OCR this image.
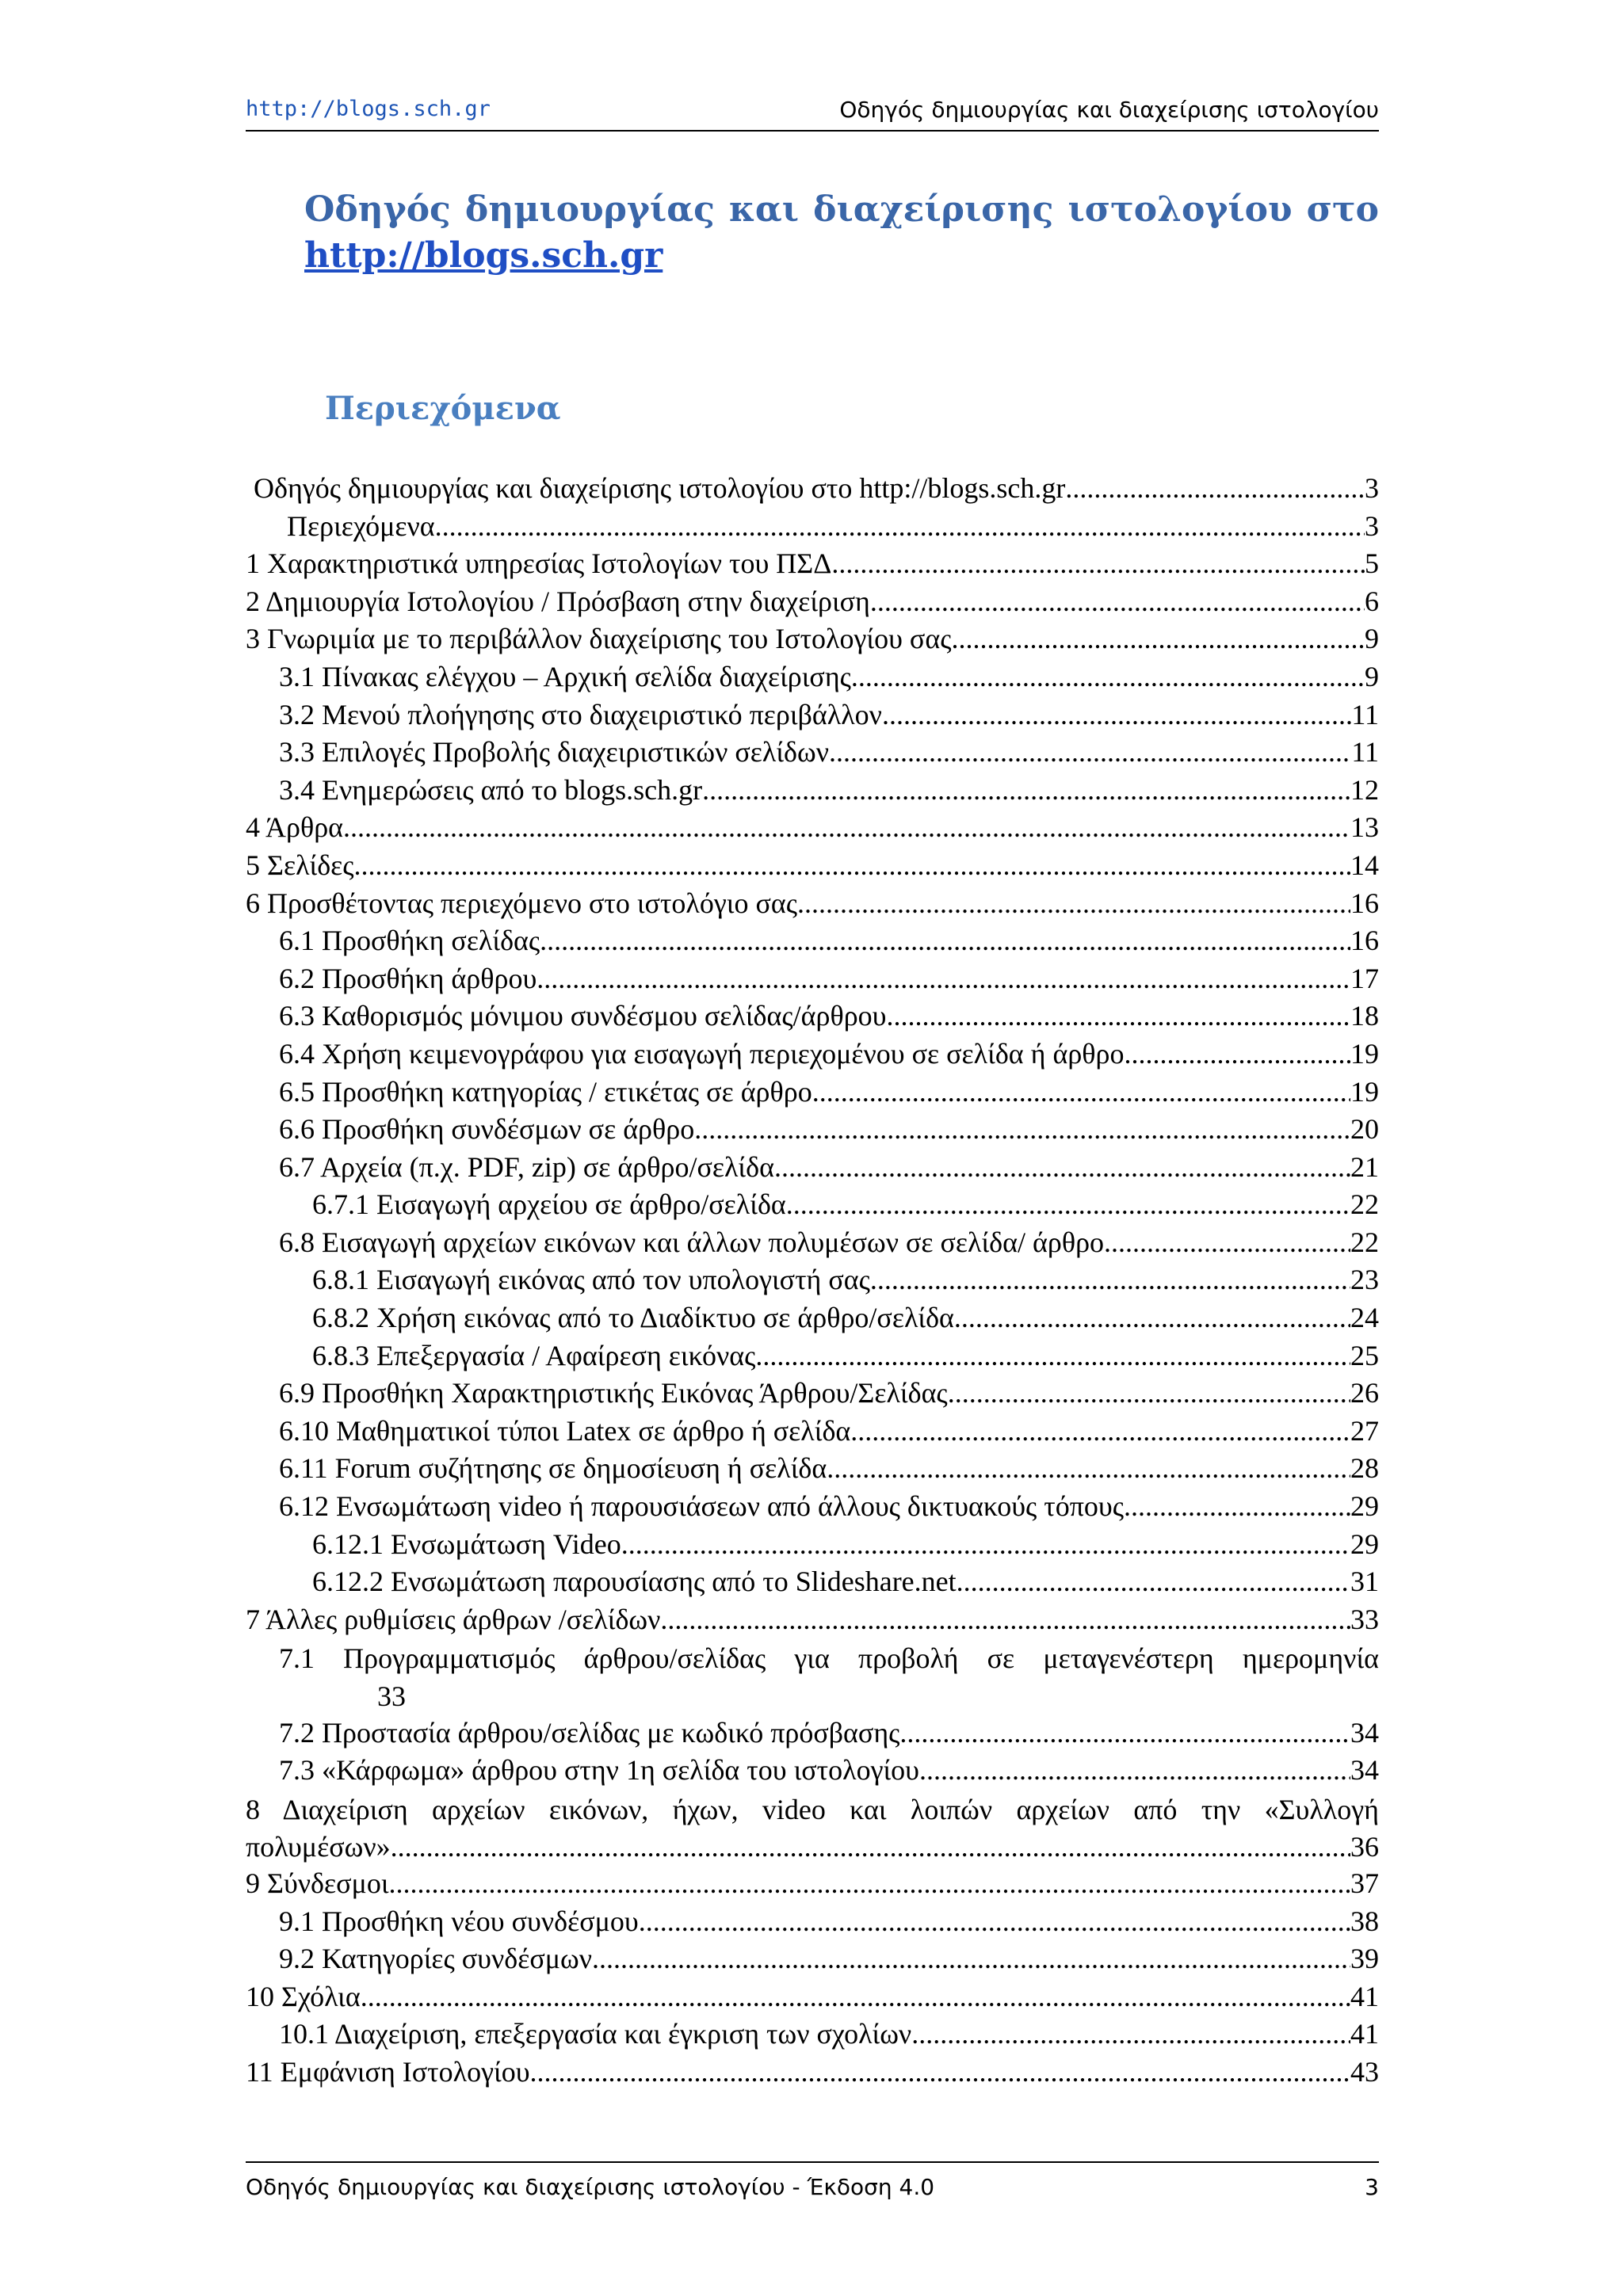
http://blogs.sch.gr	Οδηγός δημιουργίας και διαχείρισης ιστολογίου
Οδηγός δημιουργίας και διαχείρισης ιστολογίου στο
http://blogs.sch.gr
Περιεχόμενα
Οδηγός δημιουργίας και διαχείρισης ιστολογίου στο http://blogs.sch.gr .....	3
Περιεχόμενα .....	3
1 Χαρακτηριστικά υπηρεσίας Ιστολογίων του ΠΣΔ .....	5
2 Δημιουργία Ιστολογίου / Πρόσβαση στην διαχείριση .....	6
3 Γνωριμία με το περιβάλλον διαχείρισης του Ιστολογίου σας .....	9
3.1 Πίνακας ελέγχου – Αρχική σελίδα διαχείρισης .....	9
3.2 Μενού πλοήγησης στο διαχειριστικό περιβάλλον .....	11
3.3 Επιλογές Προβολής διαχειριστικών σελίδων .....	11
3.4 Ενημερώσεις από το blogs.sch.gr .....	12
4 Άρθρα .....	13
5 Σελίδες .....	14
6 Προσθέτοντας περιεχόμενο στο ιστολόγιο σας .....	16
6.1 Προσθήκη σελίδας .....	16
6.2 Προσθήκη άρθρου .....	17
6.3 Καθορισμός μόνιμου συνδέσμου σελίδας/άρθρου .....	18
6.4 Χρήση κειμενογράφου για εισαγωγή περιεχομένου σε σελίδα ή άρθρο .....	19
6.5 Προσθήκη κατηγορίας / ετικέτας σε άρθρο .....	19
6.6 Προσθήκη συνδέσμων σε άρθρο .....	20
6.7 Αρχεία (π.χ. PDF, zip) σε άρθρο/σελίδα .....	21
6.7.1 Εισαγωγή αρχείου σε άρθρο/σελίδα .....	22
6.8 Εισαγωγή αρχείων εικόνων και άλλων πολυμέσων σε σελίδα/ άρθρο .....	22
6.8.1 Εισαγωγή εικόνας από τον υπολογιστή σας .....	23
6.8.2 Χρήση εικόνας από το Διαδίκτυο σε άρθρο/σελίδα .....	24
6.8.3 Επεξεργασία / Αφαίρεση εικόνας .....	25
6.9 Προσθήκη Χαρακτηριστικής Εικόνας Άρθρου/Σελίδας .....	26
6.10 Μαθηματικοί τύποι Latex σε άρθρο ή σελίδα .....	27
6.11 Forum συζήτησης σε δημοσίευση ή σελίδα .....	28
6.12 Ενσωμάτωση video ή παρουσιάσεων από άλλους δικτυακούς τόπους .....	29
6.12.1 Ενσωμάτωση Video .....	29
6.12.2 Ενσωμάτωση παρουσίασης από το Slideshare.net .....	31
7 Άλλες ρυθμίσεις άρθρων /σελίδων .....	33
7.1 Προγραμματισμός άρθρου/σελίδας για προβολή σε μεταγενέστερη ημερομηνία
33
7.2 Προστασία άρθρου/σελίδας με κωδικό πρόσβασης .....	34
7.3 «Κάρφωμα» άρθρου στην 1η σελίδα του ιστολογίου .....	34
8 Διαχείριση αρχείων εικόνων, ήχων, video και λοιπών αρχείων από την «Συλλογή
πολυμέσων» .....	36
9 Σύνδεσμοι .....	37
9.1 Προσθήκη νέου συνδέσμου .....	38
9.2 Κατηγορίες συνδέσμων .....	39
10 Σχόλια .....	41
10.1 Διαχείριση, επεξεργασία και έγκριση των σχολίων .....	41
11 Εμφάνιση Ιστολογίου .....	43
Οδηγός δημιουργίας και διαχείρισης ιστολογίου - Έκδοση 4.0	3
